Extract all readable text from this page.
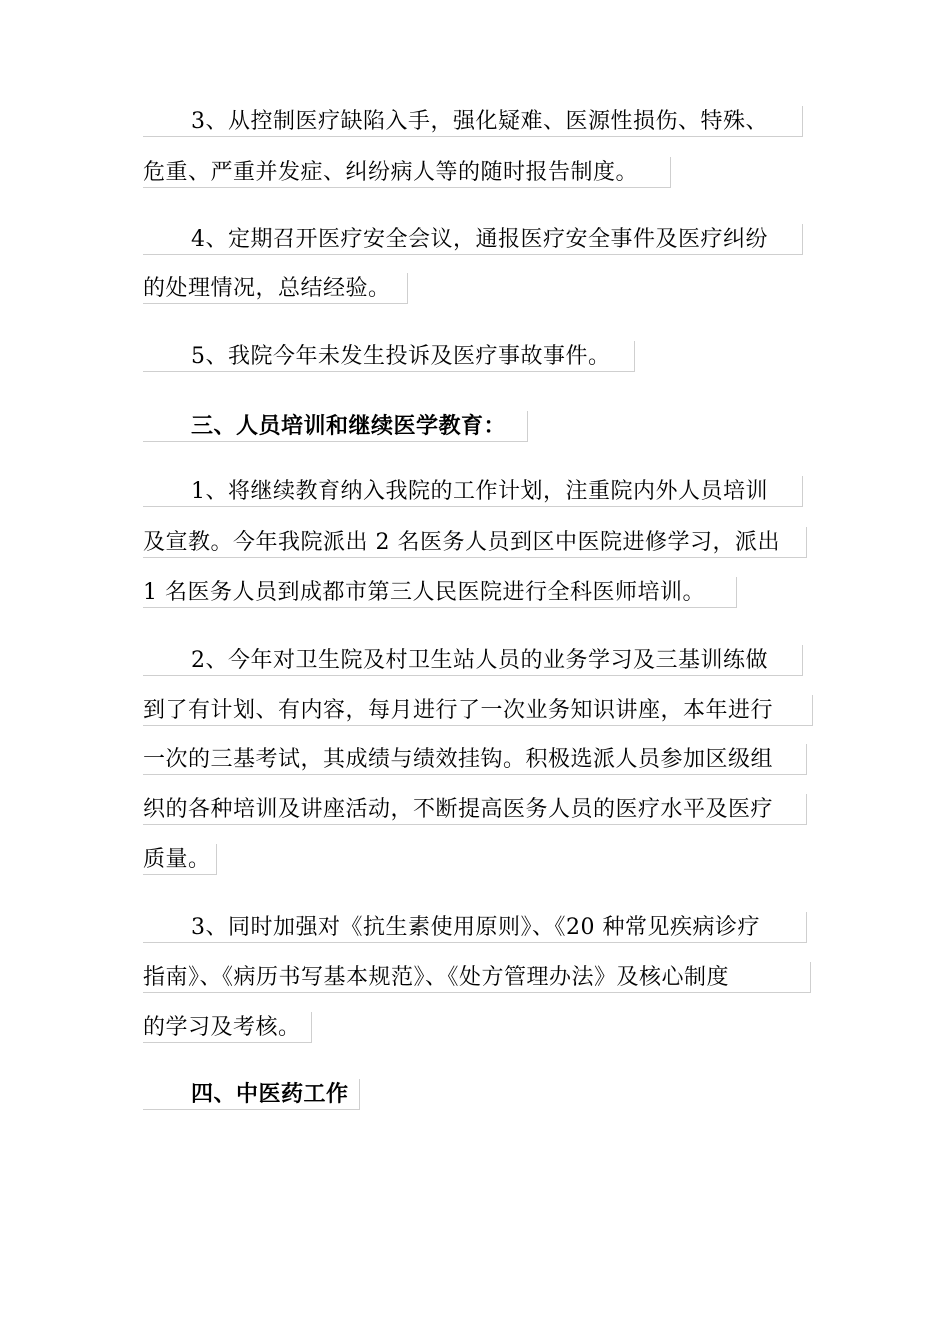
3、从控制医疗缺陷入手，强化疑难、医源性损伤、特殊、
危重、严重并发症、纠纷病人等的随时报告制度。
4、定期召开医疗安全会议，通报医疗安全事件及医疗纠纷
的处理情况，总结经验。
5、我院今年未发生投诉及医疗事故事件。
三、人员培训和继续医学教育：
1、将继续教育纳入我院的工作计划，注重院内外人员培训
及宣教。今年我院派出 2 名医务人员到区中医院进修学习，派出
1 名医务人员到成都市第三人民医院进行全科医师培训。
2、今年对卫生院及村卫生站人员的业务学习及三基训练做
到了有计划、有内容，每月进行了一次业务知识讲座，本年进行
一次的三基考试，其成绩与绩效挂钩。积极选派人员参加区级组
织的各种培训及讲座活动，不断提高医务人员的医疗水平及医疗
质量。
3、同时加强对《抗生素使用原则》、《20 种常见疾病诊疗
指南》、《病历书写基本规范》、《处方管理办法》及核心制度
的学习及考核。
四、中医药工作
